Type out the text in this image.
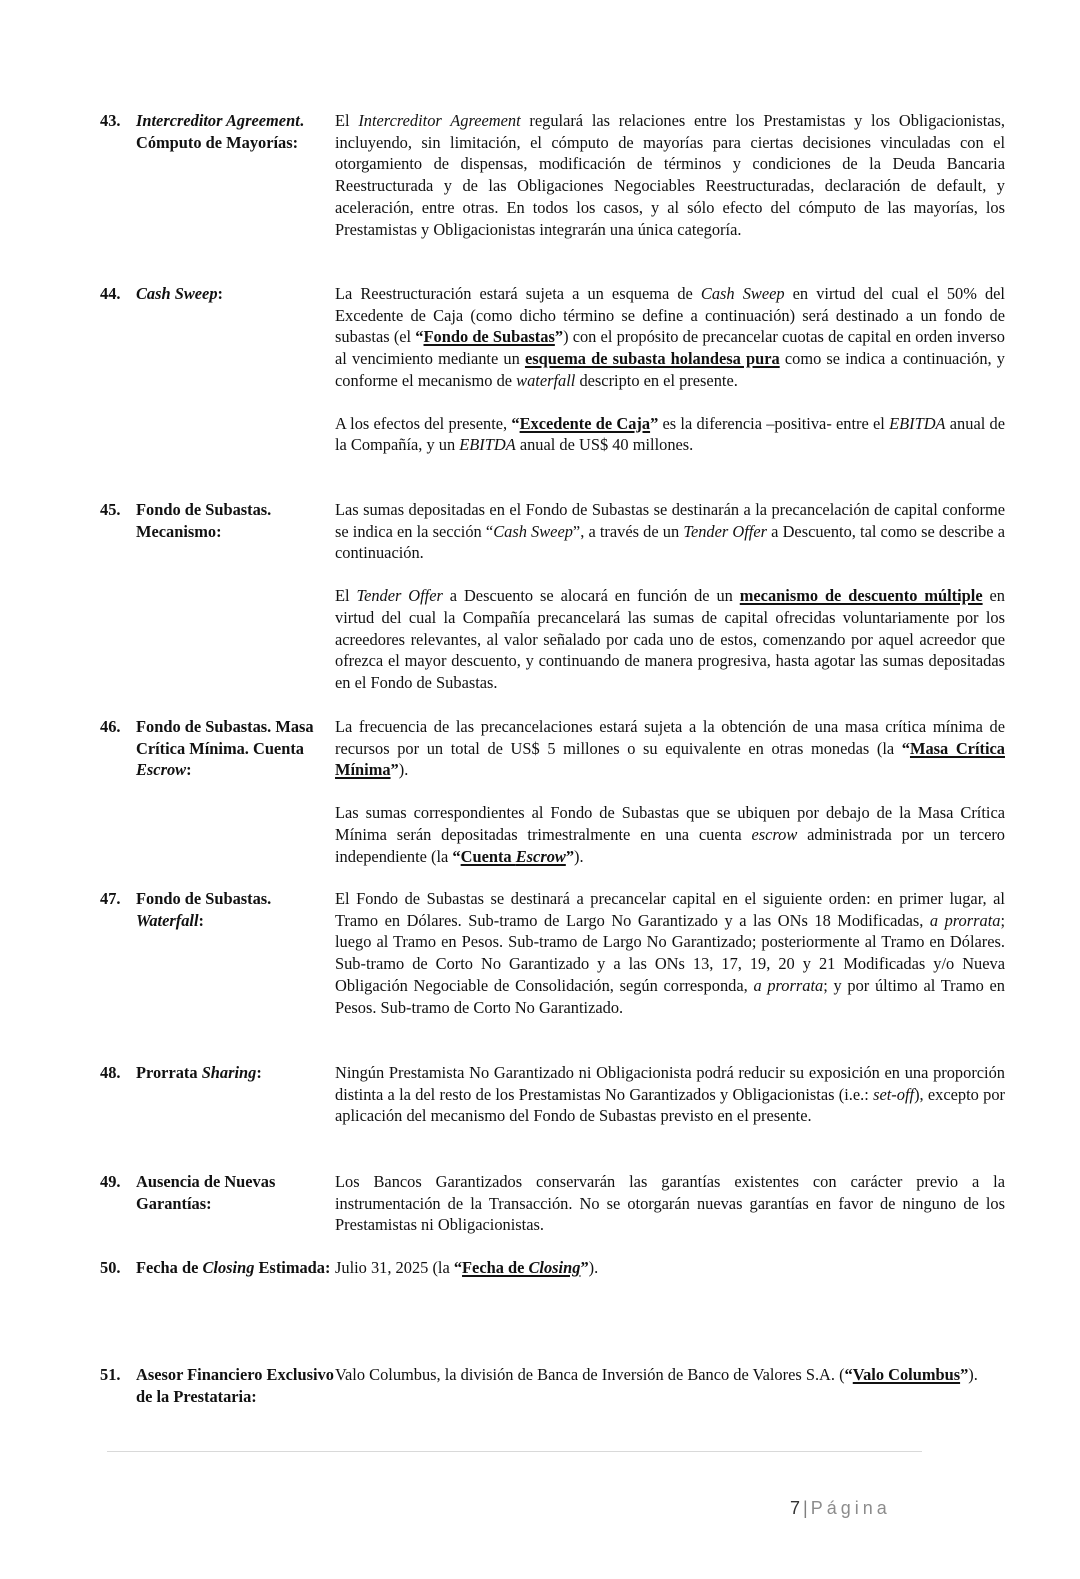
43. Intercreditor Agreement. Cómputo de Mayorías:

El Intercreditor Agreement regulará las relaciones entre los Prestamistas y los Obligacionistas, incluyendo, sin limitación, el cómputo de mayorías para ciertas decisiones vinculadas con el otorgamiento de dispensas, modificación de términos y condiciones de la Deuda Bancaria Reestructurada y de las Obligaciones Negociables Reestructuradas, declaración de default, y aceleración, entre otras. En todos los casos, y al sólo efecto del cómputo de las mayorías, los Prestamistas y Obligacionistas integrarán una única categoría.

44. Cash Sweep:	La Reestructuración estará sujeta a un esquema de Cash Sweep en virtud del cual el 50% del Excedente de Caja (como dicho término se define a continuación) será destinado a un fondo de subastas (el “Fondo de Subastas”) con el propósito de precancelar cuotas de capital en orden inverso al vencimiento mediante un esquema de subasta holandesa pura como se indica a continuación, y conforme el mecanismo de waterfall descripto en el presente.

A los efectos del presente, “Excedente de Caja” es la diferencia –positiva- entre el EBITDA anual de la Compañía, y un EBITDA anual de US$ 40 millones.

45. Fondo de Subastas. Mecanismo:

Las sumas depositadas en el Fondo de Subastas se destinarán a la precancelación de capital conforme se indica en la sección “Cash Sweep”, a través de un Tender Offer a Descuento, tal como se describe a continuación.

El Tender Offer a Descuento se alocará en función de un mecanismo de descuento múltiple en virtud del cual la Compañía precancelará las sumas de capital ofrecidas voluntariamente por los acreedores relevantes, al valor señalado por cada uno de estos, comenzando por aquel acreedor que ofrezca el mayor descuento, y continuando de manera progresiva, hasta agotar las sumas depositadas en el Fondo de Subastas.

46. Fondo de Subastas. Masa Crítica Mínima. Cuenta Escrow:

La frecuencia de las precancelaciones estará sujeta a la obtención de una masa crítica mínima de recursos por un total de US$ 5 millones o su equivalente en otras monedas (la “Masa Crítica Mínima”).

Las sumas correspondientes al Fondo de Subastas que se ubiquen por debajo de la Masa Crítica Mínima serán depositadas trimestralmente en una cuenta escrow administrada por un tercero independiente (la “Cuenta Escrow”).

47. Fondo de Subastas. Waterfall:

El Fondo de Subastas se destinará a precancelar capital en el siguiente orden: en primer lugar, al Tramo en Dólares. Sub-tramo de Largo No Garantizado y a las ONs 18 Modificadas, a prorrata; luego al Tramo en Pesos. Sub-tramo de Largo No Garantizado; posteriormente al Tramo en Dólares. Sub-tramo de Corto No Garantizado y a las ONs 13, 17, 19, 20 y 21 Modificadas y/o Nueva Obligación Negociable de Consolidación, según corresponda, a prorrata; y por último al Tramo en Pesos. Sub-tramo de Corto No Garantizado.

48. Prorrata Sharing:	Ningún Prestamista No Garantizado ni Obligacionista podrá reducir su exposición en una proporción distinta a la del resto de los Prestamistas No Garantizados y Obligacionistas (i.e.: set-off), excepto por aplicación del mecanismo del Fondo de Subastas previsto en el presente.

49. Ausencia de Nuevas Garantías:

Los Bancos Garantizados conservarán las garantías existentes con carácter previo a la instrumentación de la Transacción. No se otorgarán nuevas garantías en favor de ninguno de los Prestamistas ni Obligacionistas.

50. Fecha de Closing Estimada: Julio 31, 2025 (la “Fecha de Closing”).

51. Asesor Financiero Exclusivo de la Prestataria:

Valo Columbus, la división de Banca de Inversión de Banco de Valores S.A. (“Valo Columbus”).

7 | Página
